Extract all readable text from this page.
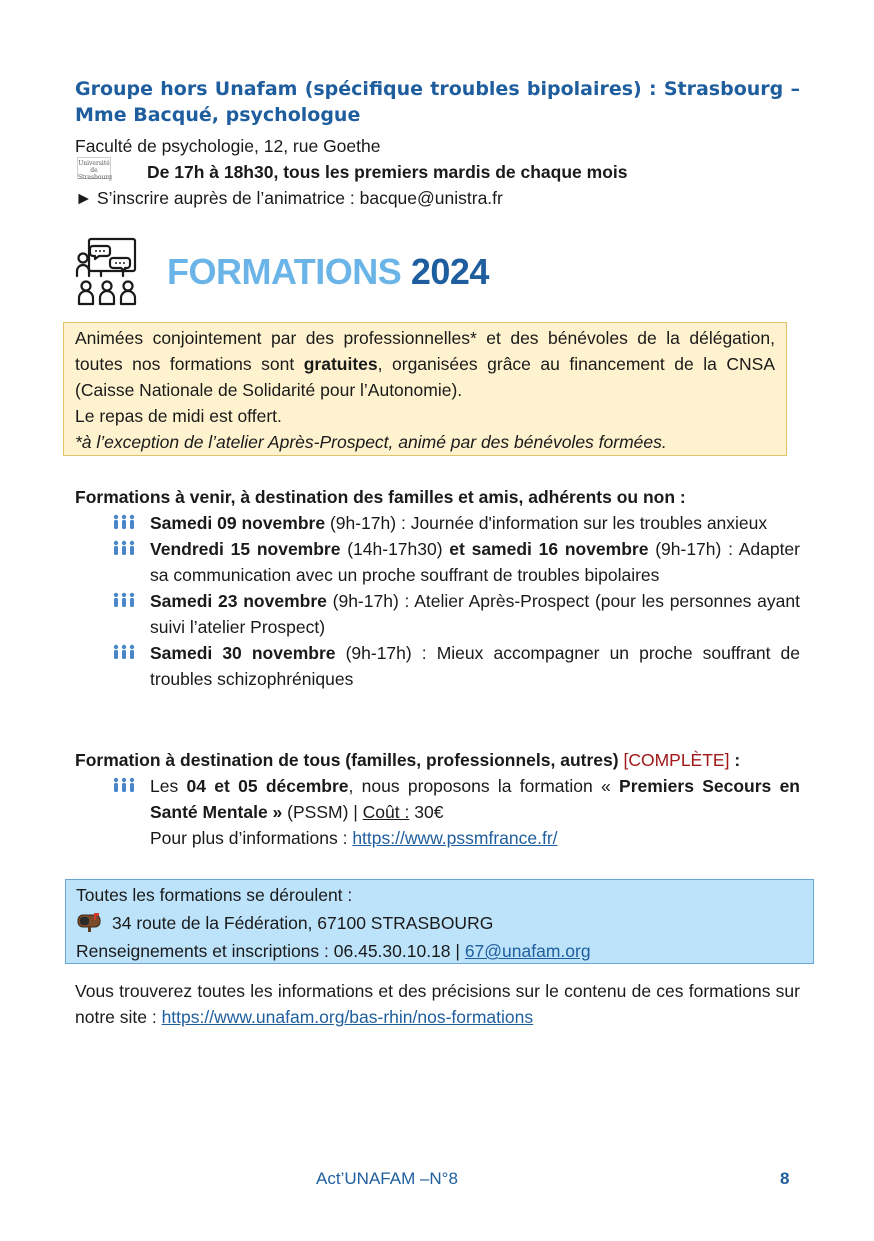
Groupe hors Unafam (spécifique troubles bipolaires) : Strasbourg – Mme Bacqué, psychologue
Faculté de psychologie, 12, rue Goethe
Université de Strasbourg De 17h à 18h30, tous les premiers mardis de chaque mois
► S’inscrire auprès de l’animatrice : bacque@unistra.fr
FORMATIONS 2024
Animées conjointement par des professionnelles* et des bénévoles de la délégation, toutes nos formations sont gratuites, organisées grâce au financement de la CNSA (Caisse Nationale de Solidarité pour l’Autonomie).
Le repas de midi est offert.
*à l’exception de l’atelier Après-Prospect, animé par des bénévoles formées.
Formations à venir, à destination des familles et amis, adhérents ou non :
Samedi 09 novembre (9h-17h) : Journée d'information sur les troubles anxieux
Vendredi 15 novembre (14h-17h30) et samedi 16 novembre (9h-17h) : Adapter sa communication avec un proche souffrant de troubles bipolaires
Samedi 23 novembre (9h-17h) : Atelier Après-Prospect (pour les personnes ayant suivi l’atelier Prospect)
Samedi 30 novembre (9h-17h) : Mieux accompagner un proche souffrant de troubles schizophréniques
Formation à destination de tous (familles, professionnels, autres) [COMPLÈTE] :
Les 04 et 05 décembre, nous proposons la formation « Premiers Secours en Santé Mentale » (PSSM) | Coût : 30€
Pour plus d’informations : https://www.pssmfrance.fr/
Toutes les formations se déroulent :
34 route de la Fédération, 67100 STRASBOURG
Renseignements et inscriptions : 06.45.30.10.18 | 67@unafam.org
Vous trouverez toutes les informations et des précisions sur le contenu de ces formations sur notre site : https://www.unafam.org/bas-rhin/nos-formations
Act’UNAFAM –N°8	8
